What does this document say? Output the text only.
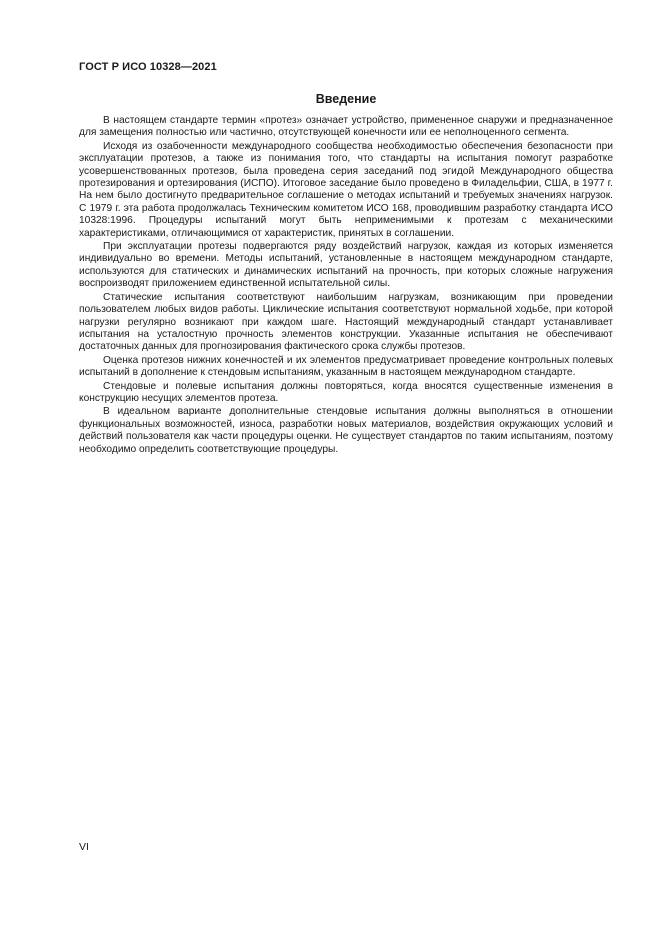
ГОСТ Р ИСО 10328—2021
Введение

В настоящем стандарте термин «протез» означает устройство, примененное снаружи и предназначенное для замещения полностью или частично, отсутствующей конечности или ее неполноценного сегмента.

Исходя из озабоченности международного сообщества необходимостью обеспечения безопасности при эксплуатации протезов, а также из понимания того, что стандарты на испытания помогут разработке усовершенствованных протезов, была проведена серия заседаний под эгидой Международного общества протезирования и ортезирования (ИСПО). Итоговое заседание было проведено в Филадельфии, США, в 1977 г. На нем было достигнуто предварительное соглашение о методах испытаний и требуемых значениях нагрузок. С 1979 г. эта работа продолжалась Техническим комитетом ИСО 168, проводившим разработку стандарта ИСО 10328:1996. Процедуры испытаний могут быть неприменимыми к протезам с механическими характеристиками, отличающимися от характеристик, принятых в соглашении.

При эксплуатации протезы подвергаются ряду воздействий нагрузок, каждая из которых изменяется индивидуально во времени. Методы испытаний, установленные в настоящем международном стандарте, используются для статических и динамических испытаний на прочность, при которых сложные нагружения воспроизводят приложением единственной испытательной силы.

Статические испытания соответствуют наибольшим нагрузкам, возникающим при проведении пользователем любых видов работы. Циклические испытания соответствуют нормальной ходьбе, при которой нагрузки регулярно возникают при каждом шаге. Настоящий международный стандарт устанавливает испытания на усталостную прочность элементов конструкции. Указанные испытания не обеспечивают достаточных данных для прогнозирования фактического срока службы протезов.

Оценка протезов нижних конечностей и их элементов предусматривает проведение контрольных полевых испытаний в дополнение к стендовым испытаниям, указанным в настоящем международном стандарте.

Стендовые и полевые испытания должны повторяться, когда вносятся существенные изменения в конструкцию несущих элементов протеза.

В идеальном варианте дополнительные стендовые испытания должны выполняться в отношении функциональных возможностей, износа, разработки новых материалов, воздействия окружающих условий и действий пользователя как части процедуры оценки. Не существует стандартов по таким испытаниям, поэтому необходимо определить соответствующие процедуры.

VI
